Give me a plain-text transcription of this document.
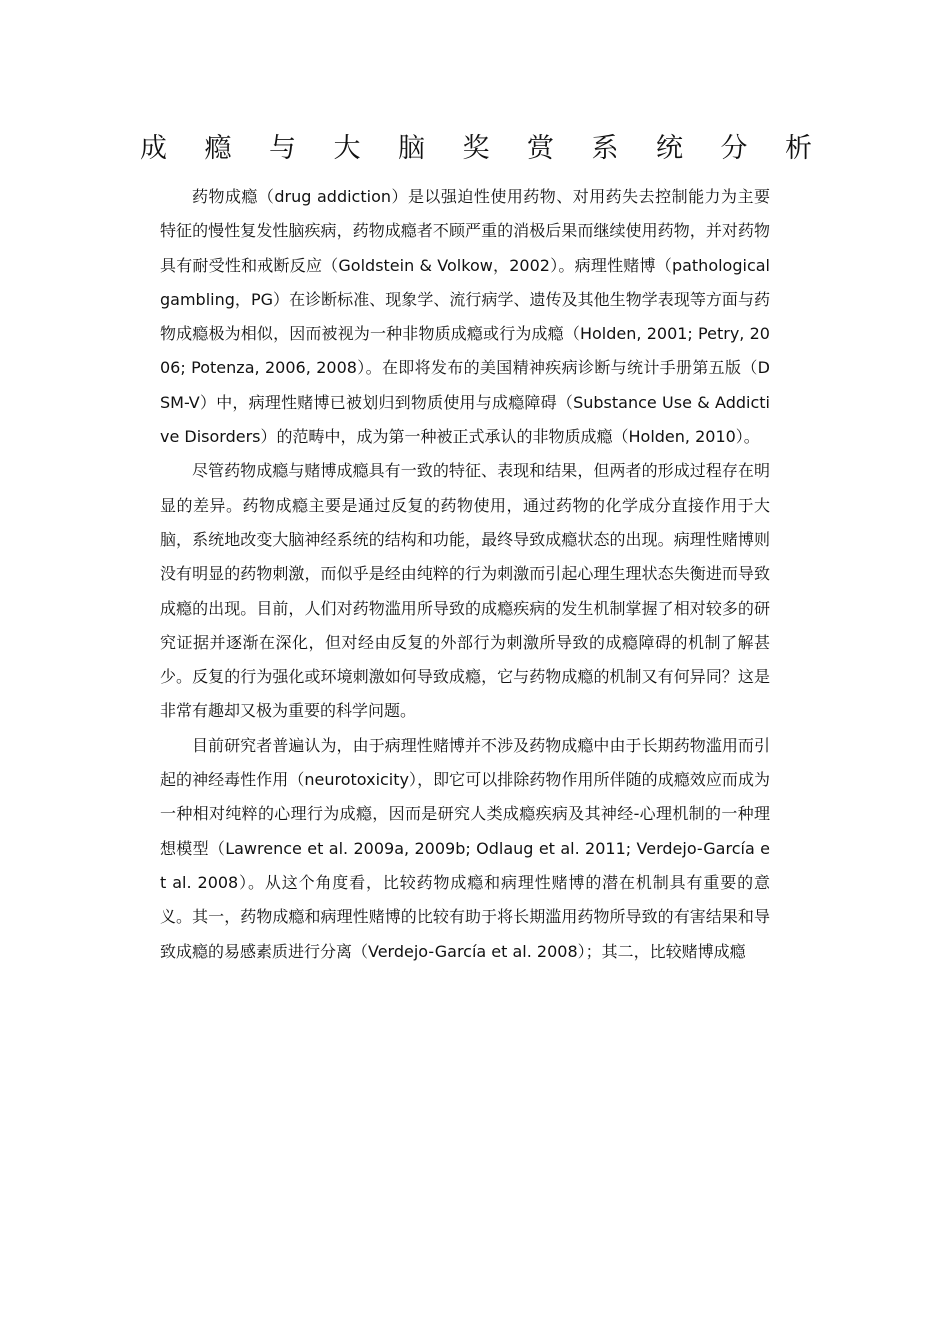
成 瘾 与 大 脑 奖 赏 系 统 分 析

药物成瘾（drug addiction）是以强迫性使用药物、对用药失去控制能力为主要特征的慢性复发性脑疾病，药物成瘾者不顾严重的消极后果而继续使用药物，并对药物具有耐受性和戒断反应（Goldstein & Volkow，2002）。病理性赌博（pathological gambling，PG）在诊断标准、现象学、流行病学、遗传及其他生物学表现等方面与药物成瘾极为相似，因而被视为一种非物质成瘾或行为成瘾（Holden, 2001; Petry, 2006; Potenza, 2006, 2008）。在即将发布的美国精神疾病诊断与统计手册第五版（DSM-V）中，病理性赌博已被划归到物质使用与成瘾障碍（Substance Use & Addictive Disorders）的范畴中，成为第一种被正式承认的非物质成瘾（Holden, 2010）。

尽管药物成瘾与赌博成瘾具有一致的特征、表现和结果，但两者的形成过程存在明显的差异。药物成瘾主要是通过反复的药物使用，通过药物的化学成分直接作用于大脑，系统地改变大脑神经系统的结构和功能，最终导致成瘾状态的出现。病理性赌博则没有明显的药物刺激，而似乎是经由纯粹的行为刺激而引起心理生理状态失衡进而导致成瘾的出现。目前，人们对药物滥用所导致的成瘾疾病的发生机制掌握了相对较多的研究证据并逐渐在深化，但对经由反复的外部行为刺激所导致的成瘾障碍的机制了解甚少。反复的行为强化或环境刺激如何导致成瘾，它与药物成瘾的机制又有何异同？这是非常有趣却又极为重要的科学问题。

目前研究者普遍认为，由于病理性赌博并不涉及药物成瘾中由于长期药物滥用而引起的神经毒性作用（neurotoxicity），即它可以排除药物作用所伴随的成瘾效应而成为一种相对纯粹的心理行为成瘾，因而是研究人类成瘾疾病及其神经-心理机制的一种理想模型（Lawrence et al. 2009a, 2009b; Odlaug et al. 2011; Verdejo-García et al. 2008）。从这个角度看，比较药物成瘾和病理性赌博的潜在机制具有重要的意义。其一，药物成瘾和病理性赌博的比较有助于将长期滥用药物所导致的有害结果和导致成瘾的易感素质进行分离（Verdejo-García et al. 2008）；其二，比较赌博成瘾
